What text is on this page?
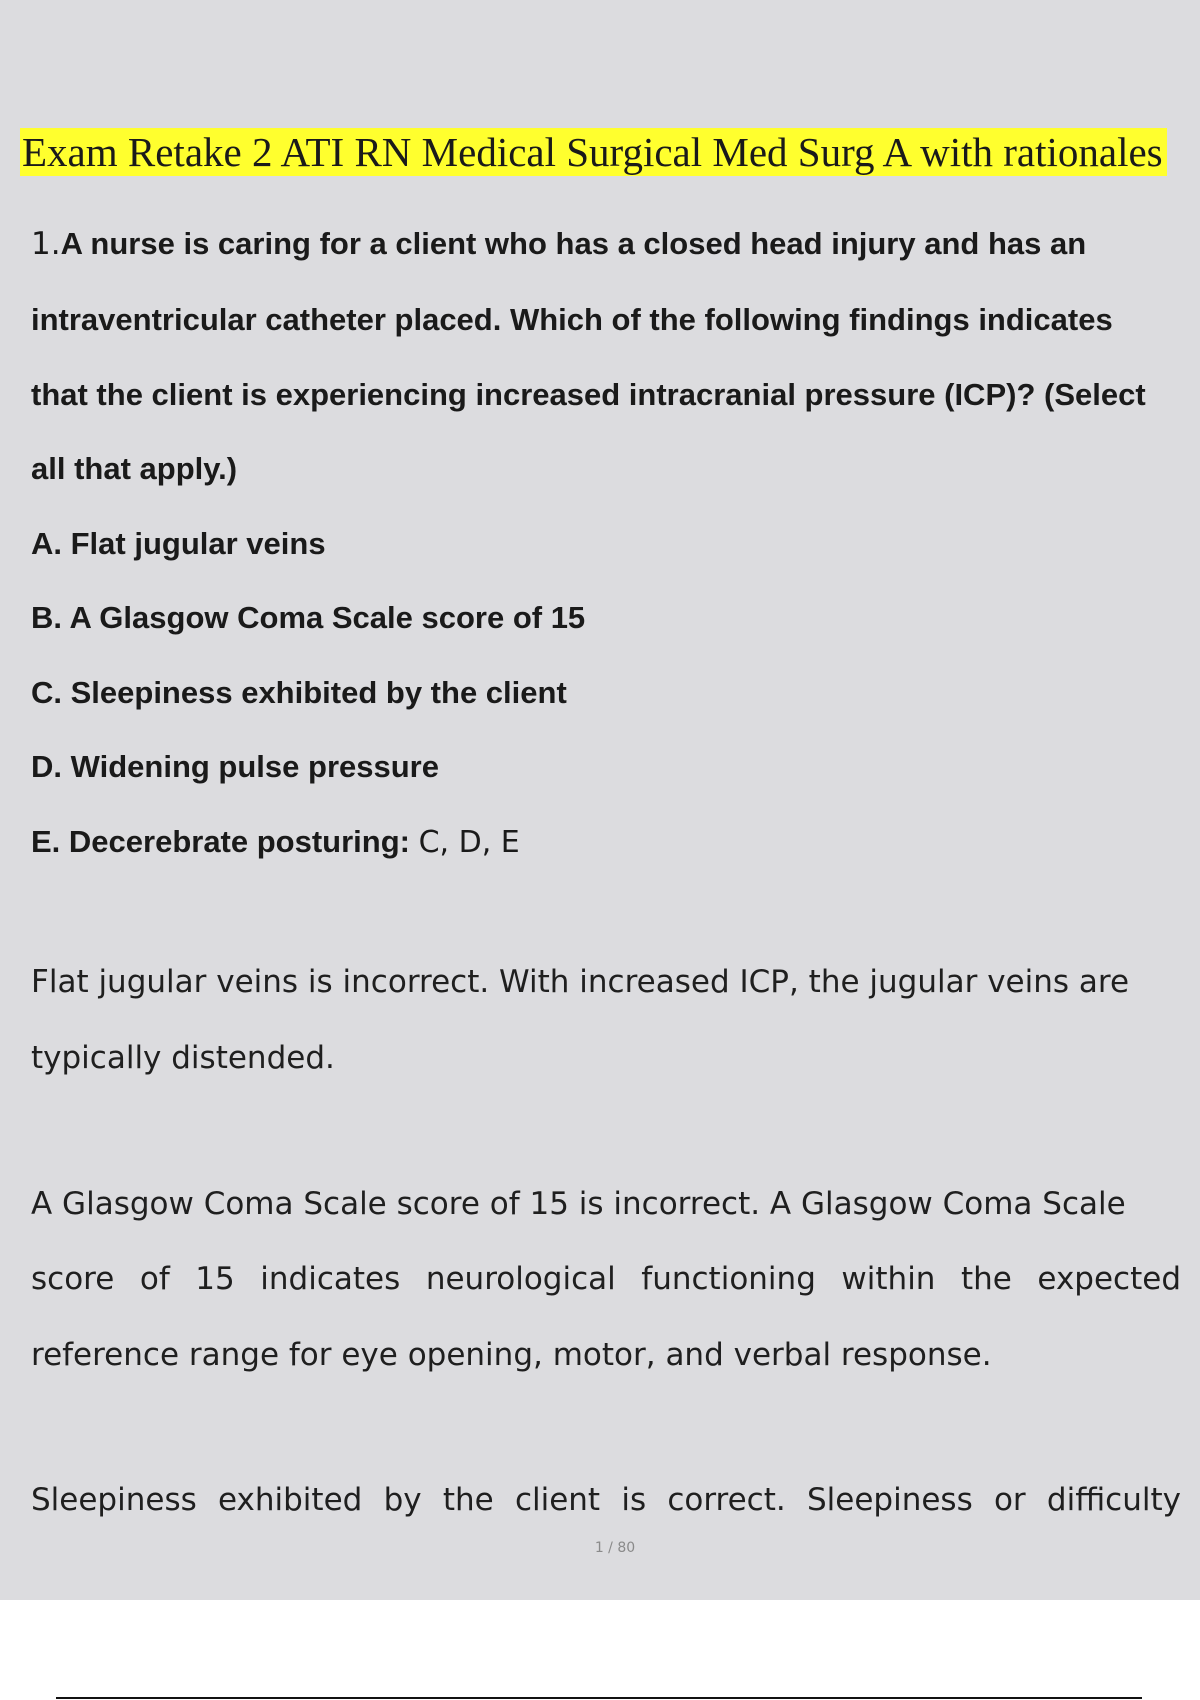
Exam Retake 2 ATI RN Medical Surgical Med Surg A with rationales
1.A nurse is caring for a client who has a closed head injury and has an
intraventricular catheter placed. Which of the following findings indicates
that the client is experiencing increased intracranial pressure (ICP)? (Select
all that apply.)
A. Flat jugular veins
B. A Glasgow Coma Scale score of 15
C. Sleepiness exhibited by the client
D. Widening pulse pressure
E. Decerebrate posturing: C, D, E
Flat jugular veins is incorrect. With increased ICP, the jugular veins are
typically distended.
A Glasgow Coma Scale score of 15 is incorrect. A Glasgow Coma Scale
score of 15 indicates neurological functioning within the expected
reference range for eye opening, motor, and verbal response.
Sleepiness exhibited by the client is correct. Sleepiness or difficulty
1 / 80
